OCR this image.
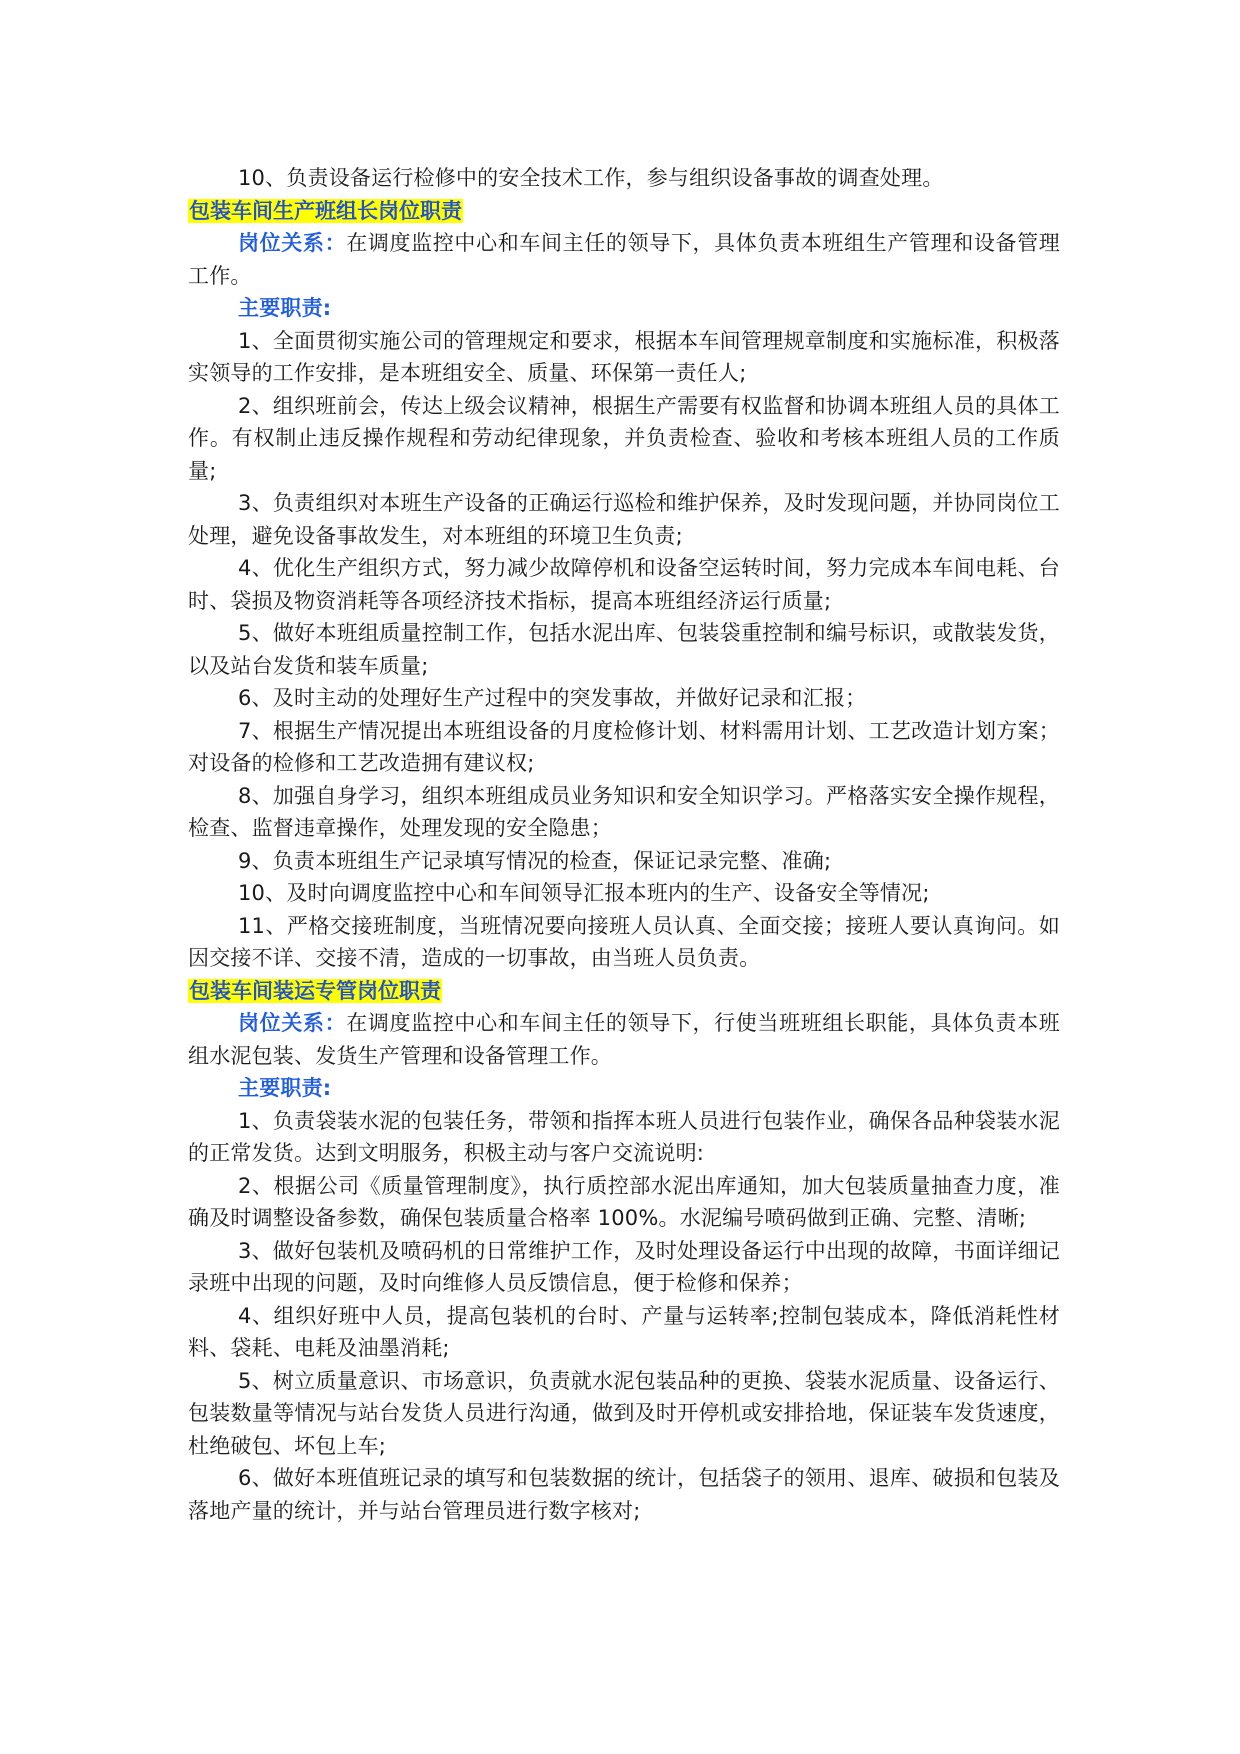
10、负责设备运行检修中的安全技术工作，参与组织设备事故的调查处理。

包装车间生产班组长岗位职责

岗位关系：在调度监控中心和车间主任的领导下，具体负责本班组生产管理和设备管理工作。

主要职责:

1、全面贯彻实施公司的管理规定和要求，根据本车间管理规章制度和实施标准，积极落实领导的工作安排，是本班组安全、质量、环保第一责任人;

2、组织班前会，传达上级会议精神，根据生产需要有权监督和协调本班组人员的具体工作。有权制止违反操作规程和劳动纪律现象，并负责检查、验收和考核本班组人员的工作质量;

3、负责组织对本班生产设备的正确运行巡检和维护保养，及时发现问题，并协同岗位工处理，避免设备事故发生，对本班组的环境卫生负责;

4、优化生产组织方式，努力减少故障停机和设备空运转时间，努力完成本车间电耗、台时、袋损及物资消耗等各项经济技术指标，提高本班组经济运行质量;

5、做好本班组质量控制工作，包括水泥出库、包装袋重控制和编号标识，或散装发货，以及站台发货和装车质量;

6、及时主动的处理好生产过程中的突发事故，并做好记录和汇报；

7、根据生产情况提出本班组设备的月度检修计划、材料需用计划、工艺改造计划方案；对设备的检修和工艺改造拥有建议权;

8、加强自身学习，组织本班组成员业务知识和安全知识学习。严格落实安全操作规程，检查、监督违章操作，处理发现的安全隐患；

9、负责本班组生产记录填写情况的检查，保证记录完整、准确;

10、及时向调度监控中心和车间领导汇报本班内的生产、设备安全等情况;

11、严格交接班制度，当班情况要向接班人员认真、全面交接；接班人要认真询问。如因交接不详、交接不清，造成的一切事故，由当班人员负责。

包装车间装运专管岗位职责

岗位关系：在调度监控中心和车间主任的领导下，行使当班班组长职能，具体负责本班组水泥包装、发货生产管理和设备管理工作。

主要职责:

1、负责袋装水泥的包装任务，带领和指挥本班人员进行包装作业，确保各品种袋装水泥的正常发货。达到文明服务，积极主动与客户交流说明:

2、根据公司《质量管理制度》，执行质控部水泥出库通知，加大包装质量抽查力度，准确及时调整设备参数，确保包装质量合格率 100%。水泥编号喷码做到正确、完整、清晰;

3、做好包装机及喷码机的日常维护工作，及时处理设备运行中出现的故障，书面详细记录班中出现的问题，及时向维修人员反馈信息，便于检修和保养；

4、组织好班中人员，提高包装机的台时、产量与运转率;控制包装成本，降低消耗性材料、袋耗、电耗及油墨消耗;

5、树立质量意识、市场意识，负责就水泥包装品种的更换、袋装水泥质量、设备运行、包装数量等情况与站台发货人员进行沟通，做到及时开停机或安排拾地，保证装车发货速度，杜绝破包、坏包上车;

6、做好本班值班记录的填写和包装数据的统计，包括袋子的领用、退库、破损和包装及落地产量的统计，并与站台管理员进行数字核对;
